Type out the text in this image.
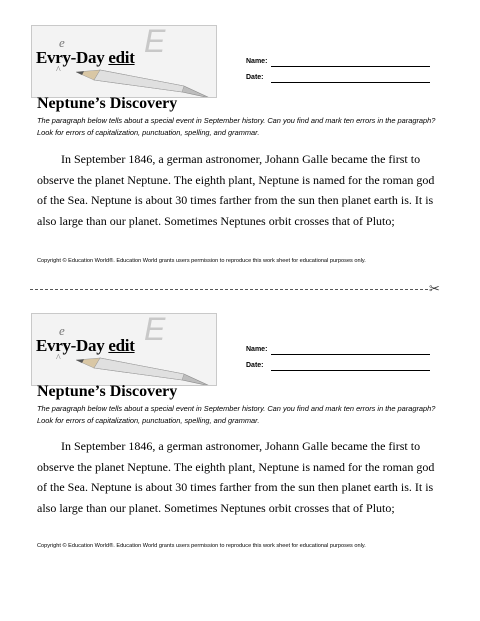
e E
Evry-Day edit
^
Name:
Date:
Neptune’s Discovery
The paragraph below tells about a special event in September history. Can you find and mark ten errors in the paragraph? Look for errors of capitalization, punctuation, spelling, and grammar.

In September 1846, a german astronomer, Johann Galle became the first to observe the planet Neptune. The eighth plant, Neptune is named for the roman god of the Sea. Neptune is about 30 times farther from the sun then planet earth is. It is also large than our planet. Sometimes Neptunes orbit crosses that of Pluto;

Copyright © Education World®. Education World grants users permission to reproduce this work sheet for educational purposes only.
✂
e E
Evry-Day edit
^
Name:
Date:
Neptune’s Discovery
The paragraph below tells about a special event in September history. Can you find and mark ten errors in the paragraph? Look for errors of capitalization, punctuation, spelling, and grammar.

In September 1846, a german astronomer, Johann Galle became the first to observe the planet Neptune. The eighth plant, Neptune is named for the roman god of the Sea. Neptune is about 30 times farther from the sun then planet earth is. It is also large than our planet. Sometimes Neptunes orbit crosses that of Pluto;

Copyright © Education World®. Education World grants users permission to reproduce this work sheet for educational purposes only.
